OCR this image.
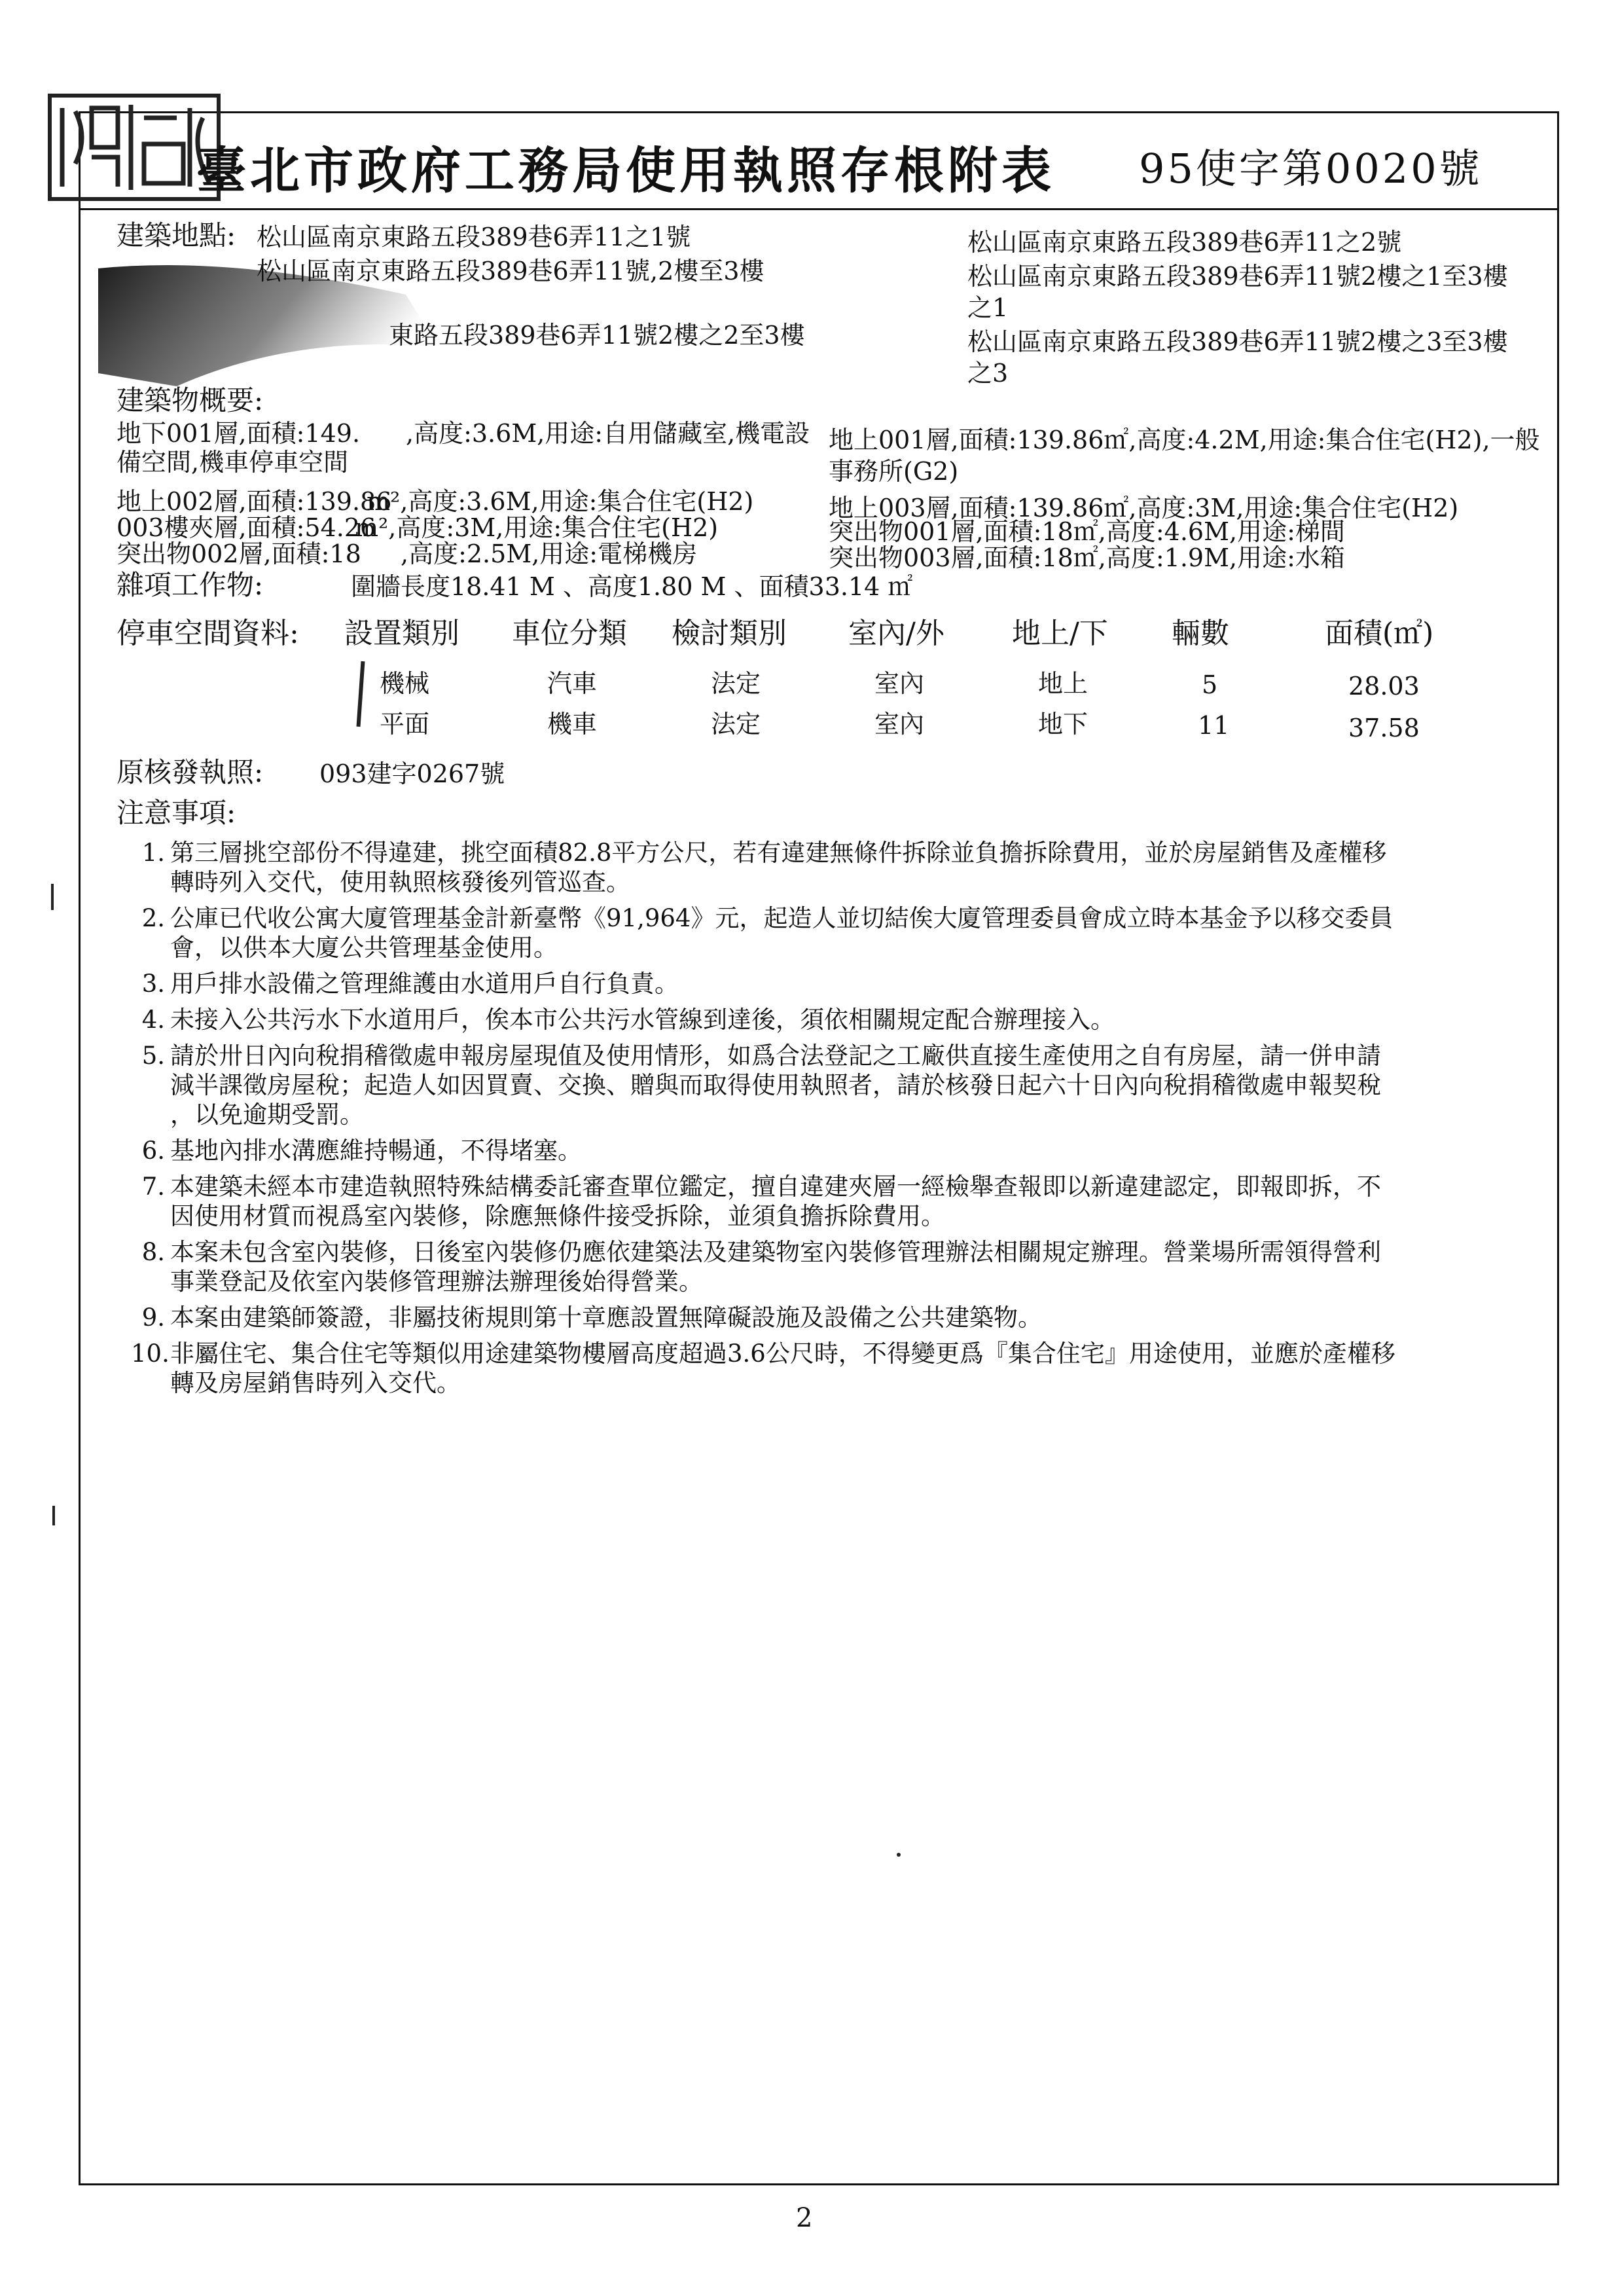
臺北市政府工務局使用執照存根附表 95使字第0020號
建築地點: 松山區南京東路五段389巷6弄11之1號	松山區南京東路五段389巷6弄11之2號
松山區南京東路五段389巷6弄11號,2樓至3樓	松山區南京東路五段389巷6弄11號2樓之1至3樓
之1
東路五段389巷6弄11號2樓之2至3樓	松山區南京東路五段389巷6弄11號2樓之3至3樓
之3
建築物概要:
地下001層,面積:149. ,高度:3.6M,用途:自用儲藏室,機電設
備空間,機車停車空間
地上002層,面積:139.86
m²,高度:3.6M,用途:集合住宅(H2)
003樓夾層,面積:54.26
m²,高度:3M,用途:集合住宅(H2)
突出物002層,面積:18 ,高度:2.5M,用途:電梯機房
地上001層,面積:139.86㎡,高度:4.2M,用途:集合住宅(H2),一般
事務所(G2)
地上003層,面積:139.86㎡,高度:3M,用途:集合住宅(H2)
突出物001層,面積:18㎡,高度:4.6M,用途:梯間
突出物003層,面積:18㎡,高度:1.9M,用途:水箱
雜項工作物:	圍牆長度18.41 M 、高度1.80 M 、面積33.14 ㎡
停車空間資料: 設置類別 車位分類 檢討類別 室內/外 地上/下 輛數	面積(㎡)
機械	汽車	法定	室內	地上	5	28.03
平面	機車	法定	室內	地下	11	37.58
原核發執照: 093建字0267號
注意事項:
1. 第三層挑空部份不得違建，挑空面積82.8平方公尺，若有違建無條件拆除並負擔拆除費用，並於房屋銷售及產權移
轉時列入交代，使用執照核發後列管巡查。
2. 公庫已代收公寓大廈管理基金計新臺幣《91,964》元，起造人並切結俟大廈管理委員會成立時本基金予以移交委員
會，以供本大廈公共管理基金使用。
3. 用戶排水設備之管理維護由水道用戶自行負責。
4. 未接入公共污水下水道用戶，俟本市公共污水管線到達後，須依相關規定配合辦理接入。
5. 請於卅日內向稅捐稽徵處申報房屋現值及使用情形，如爲合法登記之工廠供直接生產使用之自有房屋，請一併申請
減半課徵房屋稅；起造人如因買賣、交換、贈與而取得使用執照者，請於核發日起六十日內向稅捐稽徵處申報契稅
，以免逾期受罰。
6. 基地內排水溝應維持暢通，不得堵塞。
7. 本建築未經本市建造執照特殊結構委託審查單位鑑定，擅自違建夾層一經檢舉查報即以新違建認定，即報即拆，不
因使用材質而視爲室內裝修，除應無條件接受拆除，並須負擔拆除費用。
8. 本案未包含室內裝修，日後室內裝修仍應依建築法及建築物室內裝修管理辦法相關規定辦理。營業場所需領得營利
事業登記及依室內裝修管理辦法辦理後始得營業。
9. 本案由建築師簽證，非屬技術規則第十章應設置無障礙設施及設備之公共建築物。
10. 非屬住宅、集合住宅等類似用途建築物樓層高度超過3.6公尺時，不得變更爲『集合住宅』用途使用，並應於產權移
轉及房屋銷售時列入交代。
2
